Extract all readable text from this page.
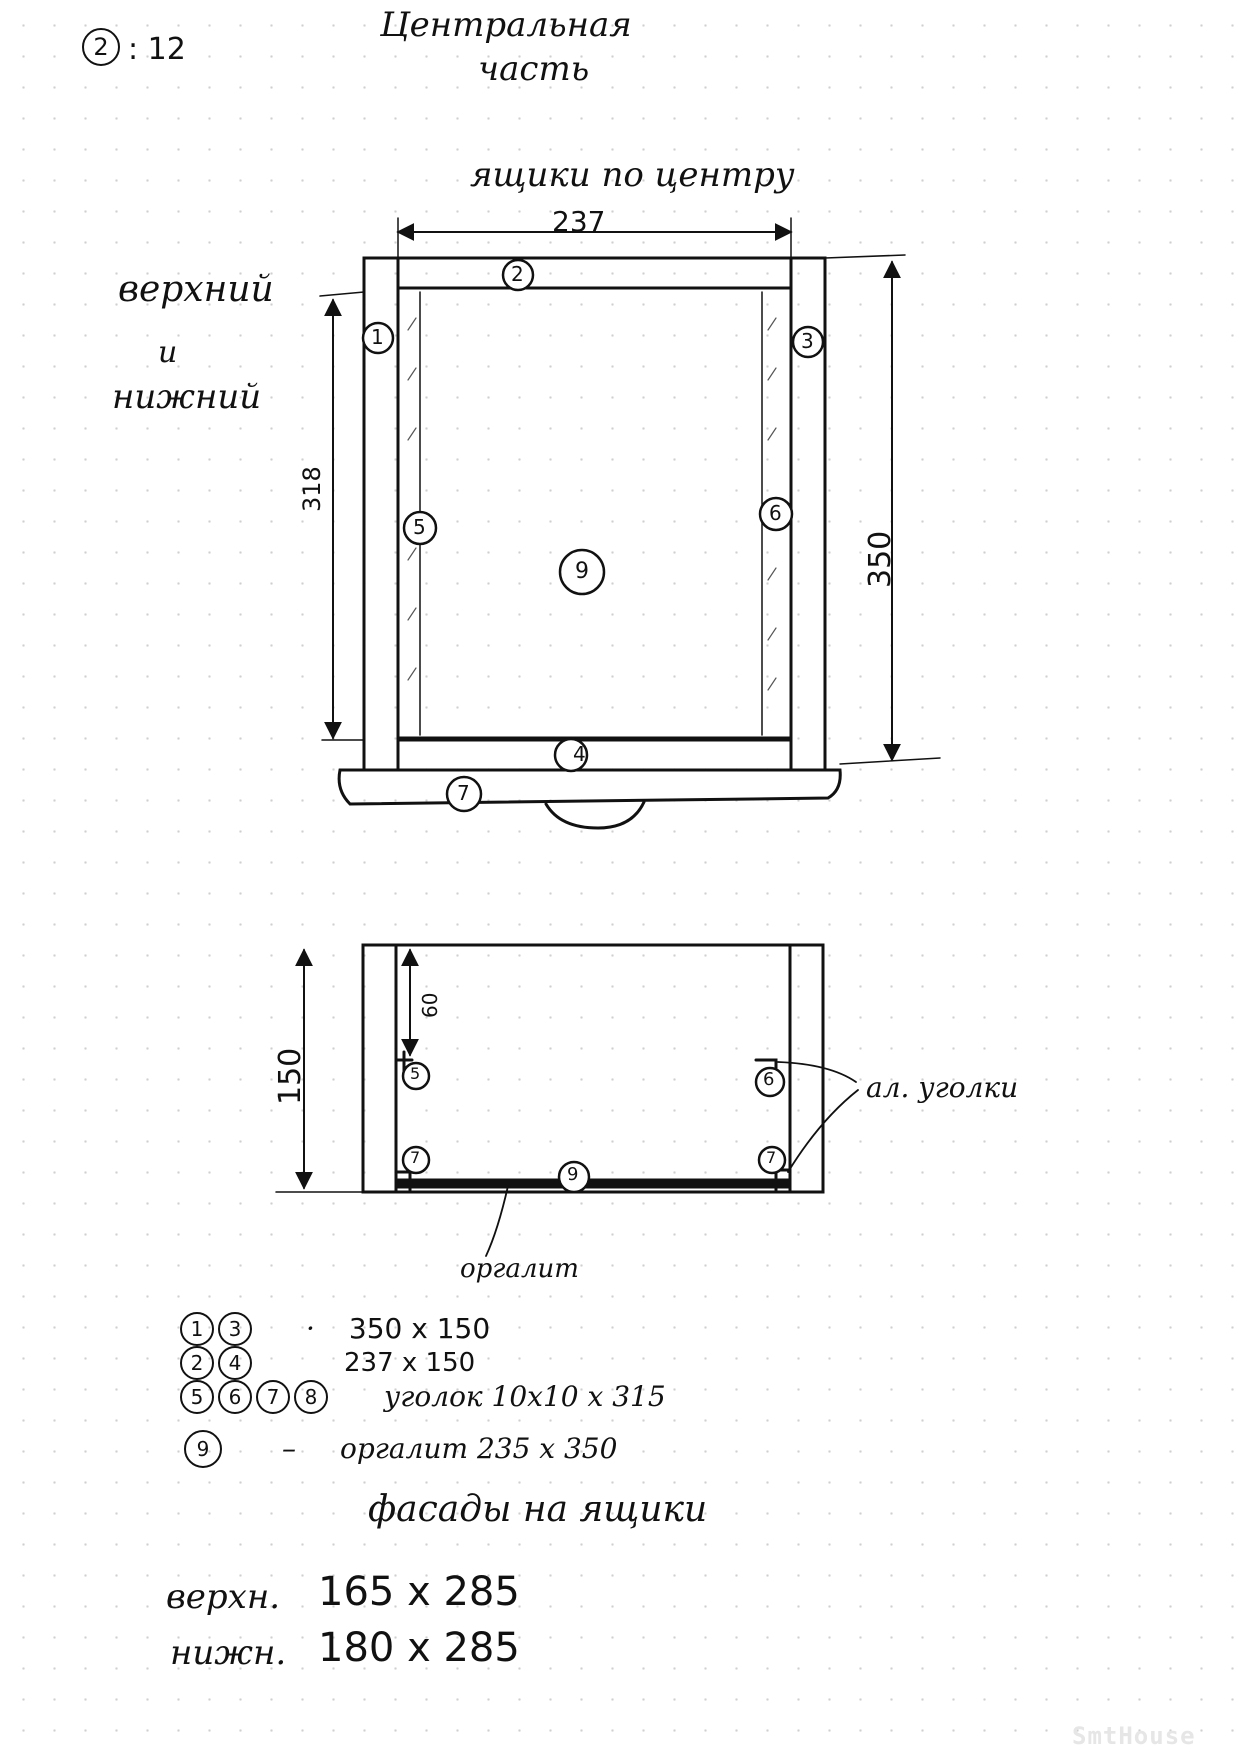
2 : 12
Центральная
часть
1
2
3
4
5
6
7
9
ящики по центру
237
318
350
верхний
и
нижний
5	6
7	7
9
150
60
ал. уголки
оргалит
1	3	· 350 x 150
2	4	237 x 150
5	6	7	8	уголок 10x10 x 315
9	– оргалит 235 x 350
фасады на ящики
верхн. 165 x 285
нижн. 180 x 285
SmtHouse
